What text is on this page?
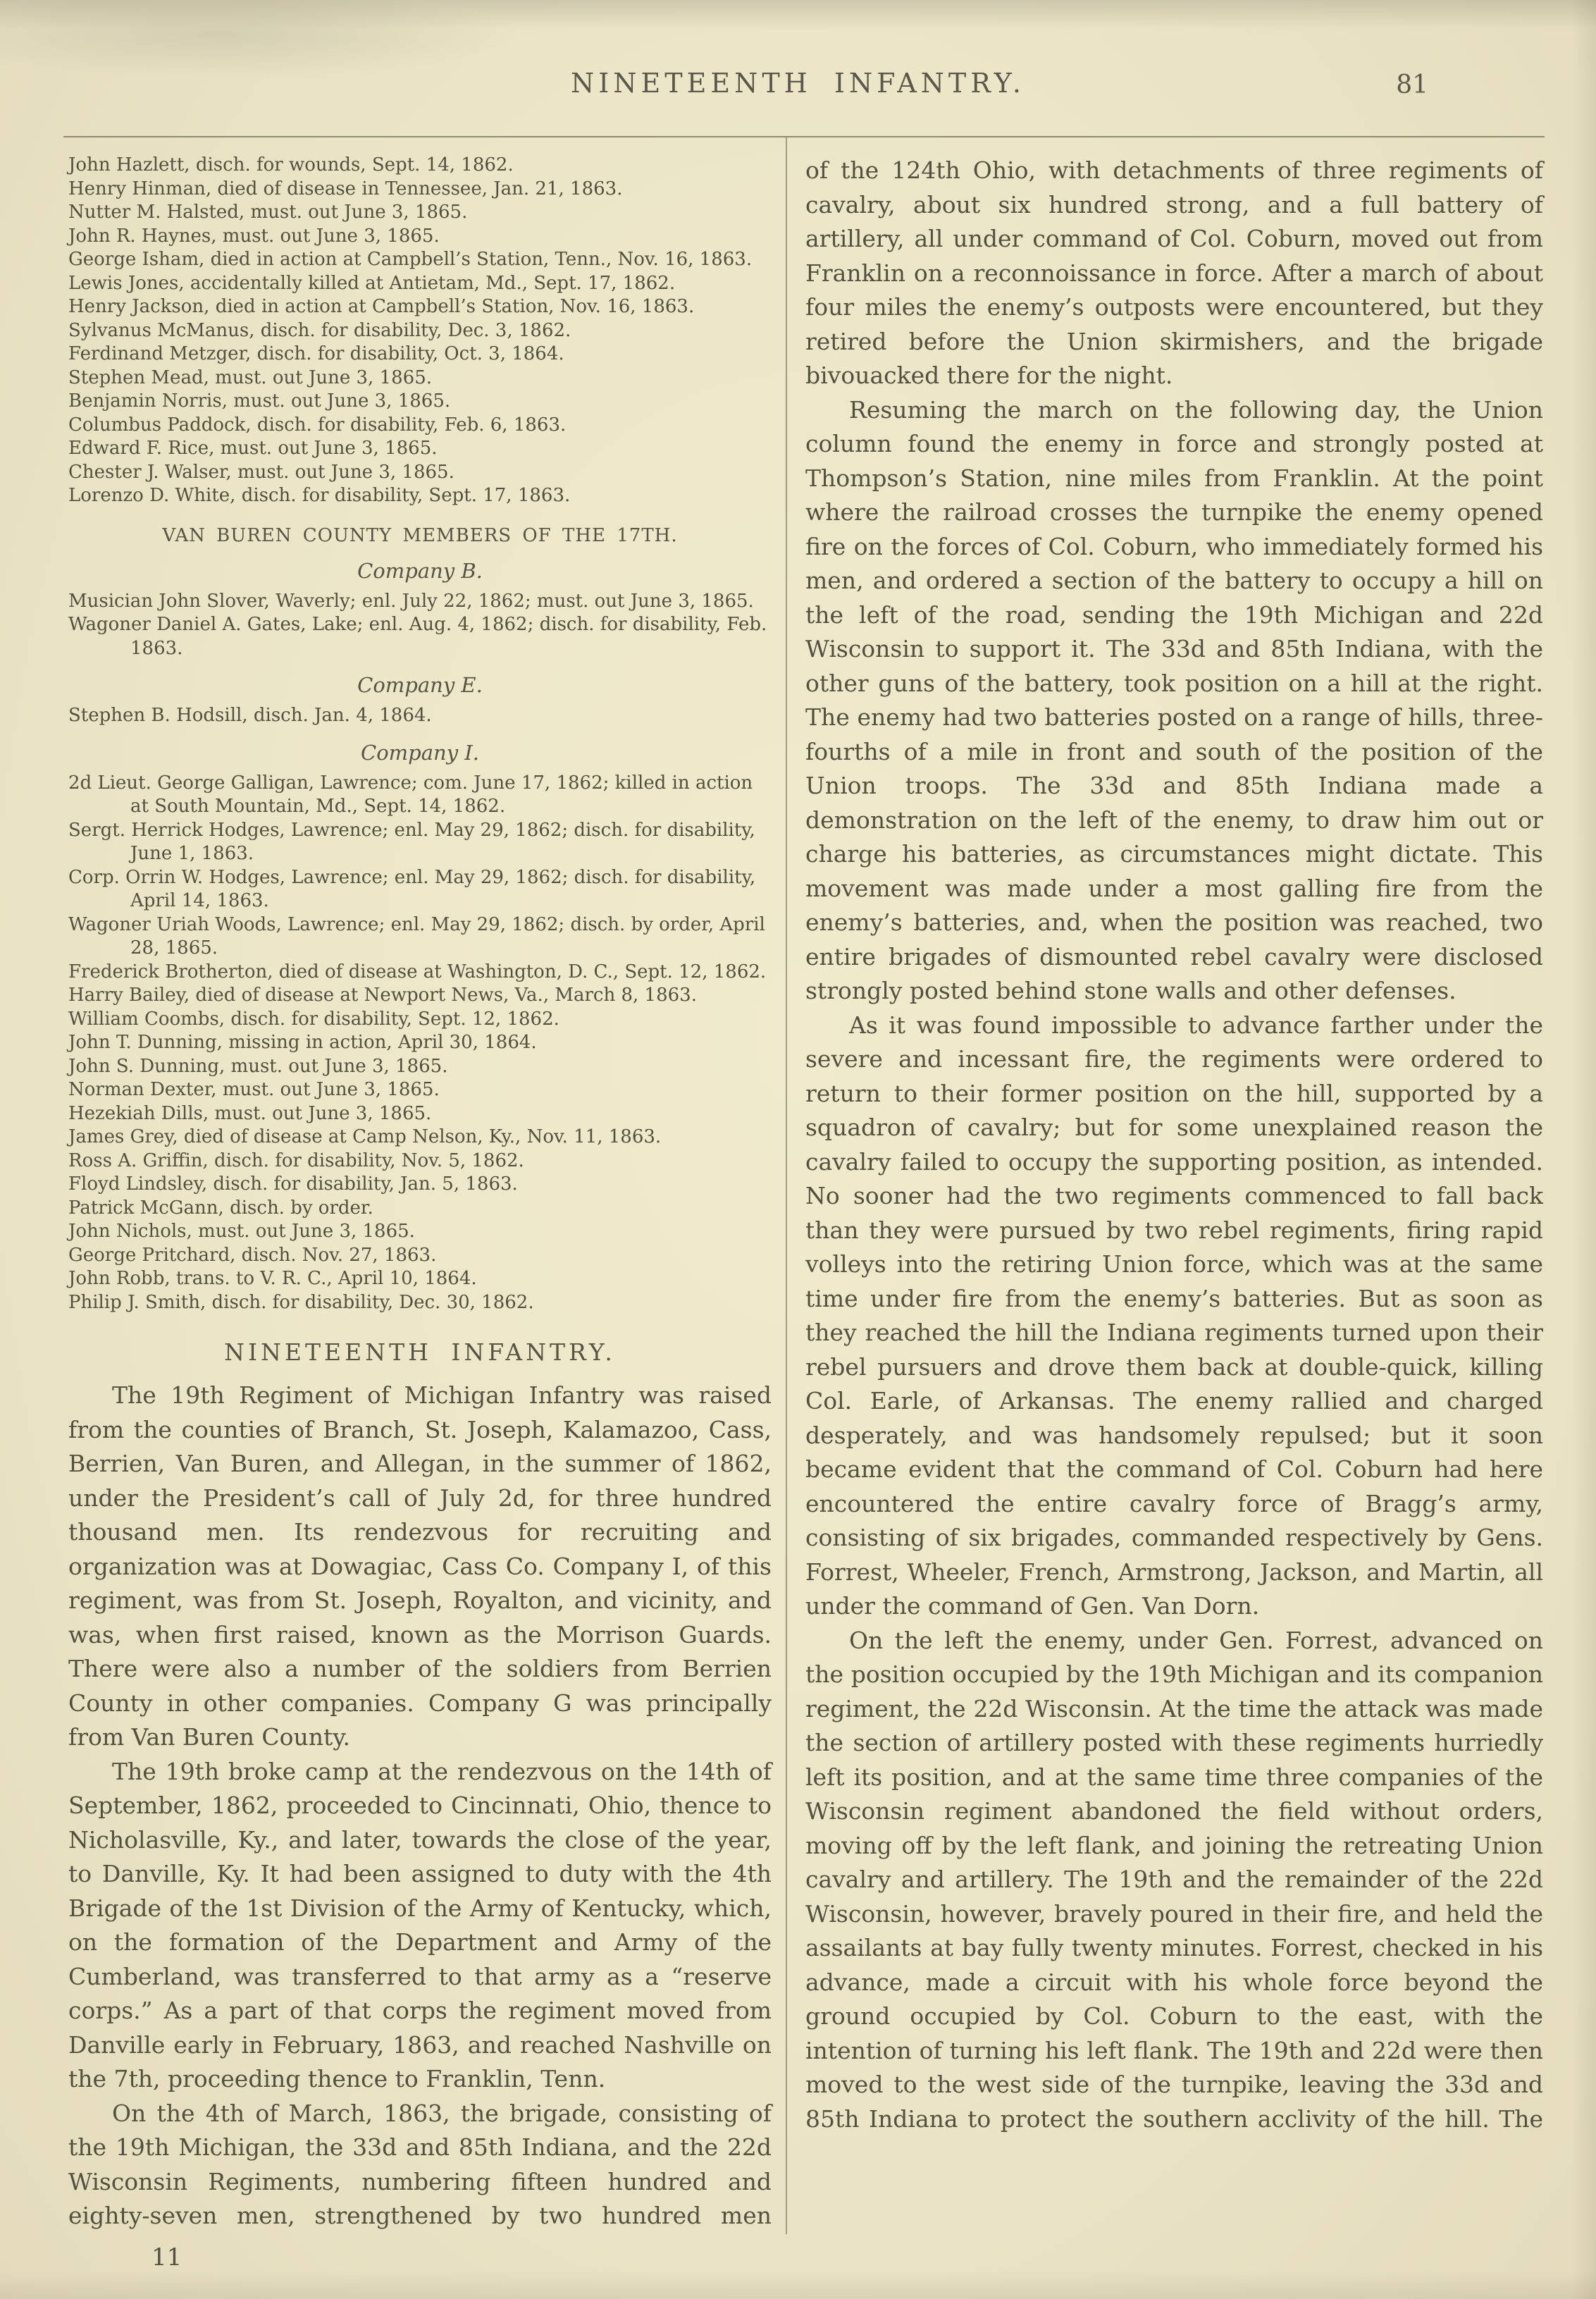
NINETEENTH INFANTRY.	81

John Hazlett, disch. for wounds, Sept. 14, 1862.

Henry Hinman, died of disease in Tennessee, Jan. 21, 1863.

Nutter M. Halsted, must. out June 3, 1865.

John R. Haynes, must. out June 3, 1865.

George Isham, died in action at Campbell’s Station, Tenn., Nov. 16, 1863.

Lewis Jones, accidentally killed at Antietam, Md., Sept. 17, 1862.

Henry Jackson, died in action at Campbell’s Station, Nov. 16, 1863.

Sylvanus McManus, disch. for disability, Dec. 3, 1862.

Ferdinand Metzger, disch. for disability, Oct. 3, 1864.

Stephen Mead, must. out June 3, 1865.

Benjamin Norris, must. out June 3, 1865.

Columbus Paddock, disch. for disability, Feb. 6, 1863.

Edward F. Rice, must. out June 3, 1865.

Chester J. Walser, must. out June 3, 1865.

Lorenzo D. White, disch. for disability, Sept. 17, 1863.

VAN BUREN COUNTY MEMBERS OF THE 17TH.
Company B.

Musician John Slover, Waverly; enl. July 22, 1862; must. out June 3, 1865.

Wagoner Daniel A. Gates, Lake; enl. Aug. 4, 1862; disch. for disability, Feb. 1863.

Company E.

Stephen B. Hodsill, disch. Jan. 4, 1864.

Company I.

2d Lieut. George Galligan, Lawrence; com. June 17, 1862; killed in action at South Mountain, Md., Sept. 14, 1862.

Sergt. Herrick Hodges, Lawrence; enl. May 29, 1862; disch. for disability, June 1, 1863.

Corp. Orrin W. Hodges, Lawrence; enl. May 29, 1862; disch. for disability, April 14, 1863.

Wagoner Uriah Woods, Lawrence; enl. May 29, 1862; disch. by order, April 28, 1865.

Frederick Brotherton, died of disease at Washington, D. C., Sept. 12, 1862.

Harry Bailey, died of disease at Newport News, Va., March 8, 1863.

William Coombs, disch. for disability, Sept. 12, 1862.

John T. Dunning, missing in action, April 30, 1864.

John S. Dunning, must. out June 3, 1865.

Norman Dexter, must. out June 3, 1865.

Hezekiah Dills, must. out June 3, 1865.

James Grey, died of disease at Camp Nelson, Ky., Nov. 11, 1863.

Ross A. Griffin, disch. for disability, Nov. 5, 1862.

Floyd Lindsley, disch. for disability, Jan. 5, 1863.

Patrick McGann, disch. by order.

John Nichols, must. out June 3, 1865.

George Pritchard, disch. Nov. 27, 1863.

John Robb, trans. to V. R. C., April 10, 1864.

Philip J. Smith, disch. for disability, Dec. 30, 1862.

NINETEENTH INFANTRY.

The 19th Regiment of Michigan Infantry was raised from the counties of Branch, St. Joseph, Kalamazoo, Cass, Berrien, Van Buren, and Allegan, in the summer of 1862, under the President’s call of July 2d, for three hundred thousand men. Its rendezvous for recruiting and organization was at Dowagiac, Cass Co. Company I, of this regiment, was from St. Joseph, Royalton, and vicinity, and was, when first raised, known as the Morrison Guards. There were also a number of the soldiers from Berrien County in other companies. Company G was principally from Van Buren County.

The 19th broke camp at the rendezvous on the 14th of September, 1862, proceeded to Cincinnati, Ohio, thence to Nicholasville, Ky., and later, towards the close of the year, to Danville, Ky. It had been assigned to duty with the 4th Brigade of the 1st Division of the Army of Kentucky, which, on the formation of the Department and Army of the Cumberland, was transferred to that army as a “reserve corps.” As a part of that corps the regiment moved from Danville early in February, 1863, and reached Nashville on the 7th, proceeding thence to Franklin, Tenn.

On the 4th of March, 1863, the brigade, consisting of the 19th Michigan, the 33d and 85th Indiana, and the 22d Wisconsin Regiments, numbering fifteen hundred and eighty-seven men, strengthened by two hundred men

11

of the 124th Ohio, with detachments of three regiments of cavalry, about six hundred strong, and a full battery of artillery, all under command of Col. Coburn, moved out from Franklin on a reconnoissance in force. After a march of about four miles the enemy’s outposts were encountered, but they retired before the Union skirmishers, and the brigade bivouacked there for the night.

Resuming the march on the following day, the Union column found the enemy in force and strongly posted at Thompson’s Station, nine miles from Franklin. At the point where the railroad crosses the turnpike the enemy opened fire on the forces of Col. Coburn, who immediately formed his men, and ordered a section of the battery to occupy a hill on the left of the road, sending the 19th Michigan and 22d Wisconsin to support it. The 33d and 85th Indiana, with the other guns of the battery, took position on a hill at the right. The enemy had two batteries posted on a range of hills, three-fourths of a mile in front and south of the position of the Union troops. The 33d and 85th Indiana made a demonstration on the left of the enemy, to draw him out or charge his batteries, as circumstances might dictate. This movement was made under a most galling fire from the enemy’s batteries, and, when the position was reached, two entire brigades of dismounted rebel cavalry were disclosed strongly posted behind stone walls and other defenses.

As it was found impossible to advance farther under the severe and incessant fire, the regiments were ordered to return to their former position on the hill, supported by a squadron of cavalry; but for some unexplained reason the cavalry failed to occupy the supporting position, as intended. No sooner had the two regiments commenced to fall back than they were pursued by two rebel regiments, firing rapid volleys into the retiring Union force, which was at the same time under fire from the enemy’s batteries. But as soon as they reached the hill the Indiana regiments turned upon their rebel pursuers and drove them back at double-quick, killing Col. Earle, of Arkansas. The enemy rallied and charged desperately, and was handsomely repulsed; but it soon became evident that the command of Col. Coburn had here encountered the entire cavalry force of Bragg’s army, consisting of six brigades, commanded respectively by Gens. Forrest, Wheeler, French, Armstrong, Jackson, and Martin, all under the command of Gen. Van Dorn.

On the left the enemy, under Gen. Forrest, advanced on the position occupied by the 19th Michigan and its companion regiment, the 22d Wisconsin. At the time the attack was made the section of artillery posted with these regiments hurriedly left its position, and at the same time three companies of the Wisconsin regiment abandoned the field without orders, moving off by the left flank, and joining the retreating Union cavalry and artillery. The 19th and the remainder of the 22d Wisconsin, however, bravely poured in their fire, and held the assailants at bay fully twenty minutes. Forrest, checked in his advance, made a circuit with his whole force beyond the ground occupied by Col. Coburn to the east, with the intention of turning his left flank. The 19th and 22d were then moved to the west side of the turnpike, leaving the 33d and 85th Indiana to protect the southern acclivity of the hill. The
